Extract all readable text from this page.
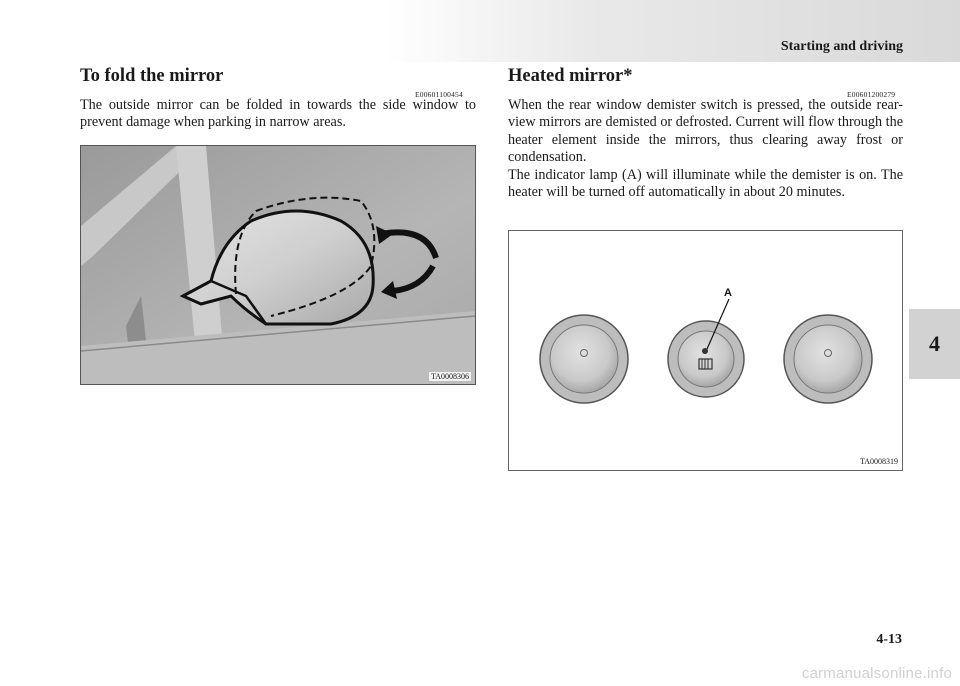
Starting and driving
4
To fold the mirror
E00601100454

The outside mirror can be folded in towards the side window to prevent damage when parking in narrow areas.

TA0008306
Heated mirror*
E00601200279

When the rear window demister switch is pressed, the outside rear-view mirrors are demisted or defrosted. Current will flow through the heater element inside the mirrors, thus clearing away frost or condensation.

The indicator lamp (A) will illuminate while the demister is on. The heater will be turned off automatically in about 20 minutes.

A
TA0008319
4-13
carmanualsonline.info
